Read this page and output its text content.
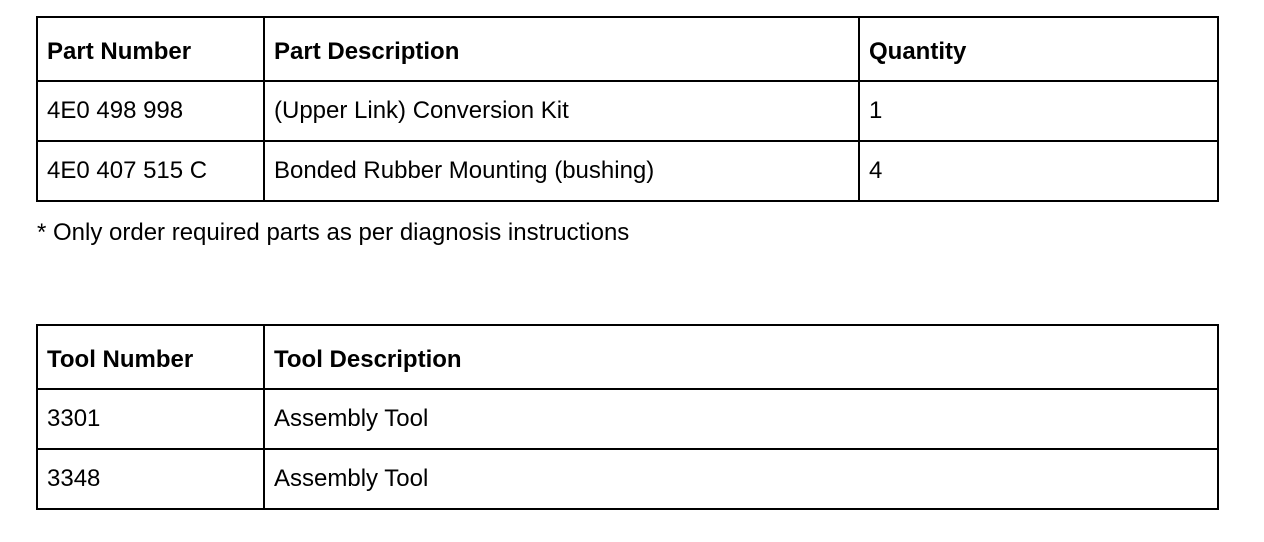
Part Number	Part Description	Quantity
4E0 498 998	(Upper Link) Conversion Kit	1
4E0 407 515 C	Bonded Rubber Mounting (bushing)	4
* Only order required parts as per diagnosis instructions
Tool Number	Tool Description
3301	Assembly Tool
3348	Assembly Tool
